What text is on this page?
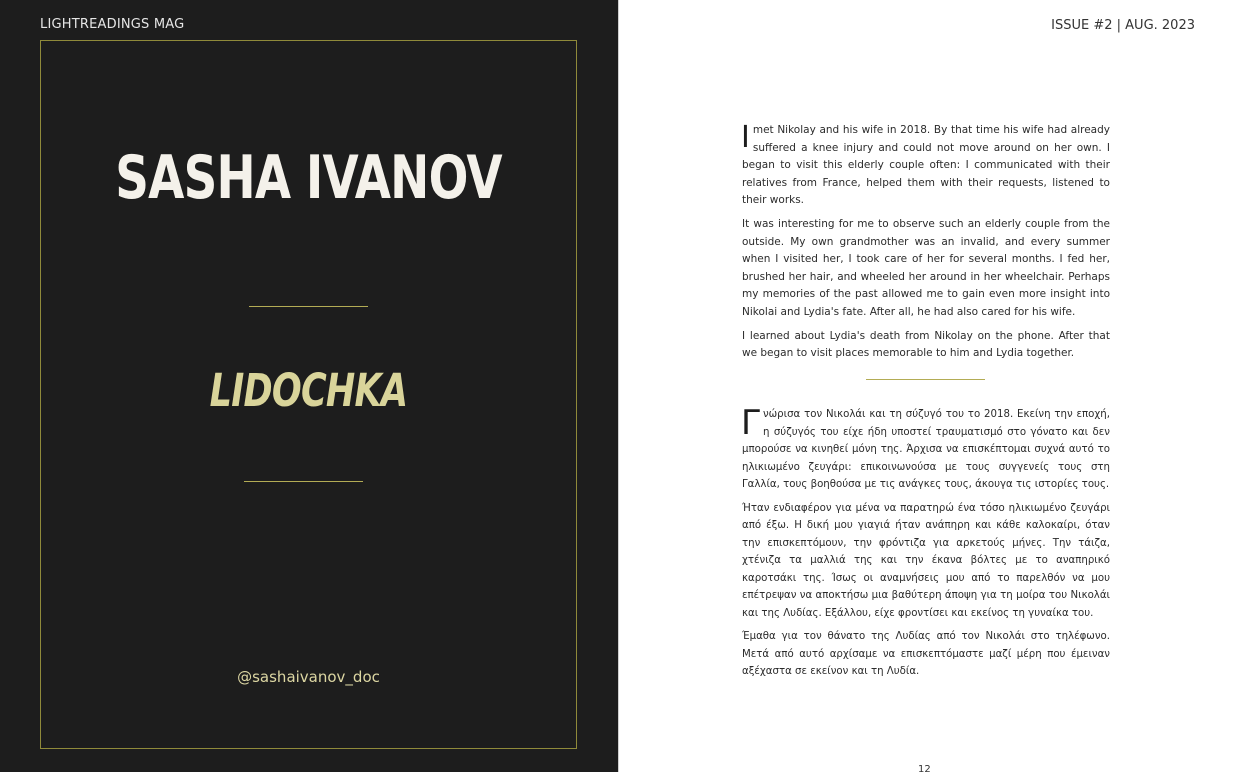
LIGHTREADINGS MAG
SASHA IVANOV
LIDOCHKA
@sashaivanov_doc
ISSUE #2 | AUG. 2023

Imet Nikolay and his wife in 2018. By that time his wife had already suffered a knee injury and could not move around on her own. I began to visit this elderly couple often: I communicated with their relatives from France, helped them with their requests, listened to their works.

It was interesting for me to observe such an elderly couple from the outside. My own grandmother was an invalid, and every summer when I visited her, I took care of her for several months. I fed her, brushed her hair, and wheeled her around in her wheelchair. Perhaps my memories of the past allowed me to gain even more insight into Nikolai and Lydia's fate. After all, he had also cared for his wife.

I learned about Lydia's death from Nikolay on the phone. After that we began to visit places memorable to him and Lydia together.

Γνώρισα τον Νικολάι και τη σύζυγό του το 2018. Εκείνη την εποχή, η σύζυγός του είχε ήδη υποστεί τραυματισμό στο γόνατο και δεν μπορούσε να κινηθεί μόνη της. Άρχισα να επισκέπτομαι συχνά αυτό το ηλικιωμένο ζευγάρι: επικοινωνούσα με τους συγγενείς τους στη Γαλλία, τους βοηθούσα με τις ανάγκες τους, άκουγα τις ιστορίες τους.

Ήταν ενδιαφέρον για μένα να παρατηρώ ένα τόσο ηλικιωμένο ζευγάρι από έξω. Η δική μου γιαγιά ήταν ανάπηρη και κάθε καλοκαίρι, όταν την επισκεπτόμουν, την φρόντιζα για αρκετούς μήνες. Την τάιζα, χτένιζα τα μαλλιά της και την έκανα βόλτες με το αναπηρικό καροτσάκι της. Ίσως οι αναμνήσεις μου από το παρελθόν να μου επέτρεψαν να αποκτήσω μια βαθύτερη άποψη για τη μοίρα του Νικολάι και της Λυδίας. Εξάλλου, είχε φροντίσει και εκείνος τη γυναίκα του.

Έμαθα για τον θάνατο της Λυδίας από τον Νικολάι στο τηλέφωνο. Μετά από αυτό αρχίσαμε να επισκεπτόμαστε μαζί μέρη που έμειναν αξέχαστα σε εκείνον και τη Λυδία.

12
